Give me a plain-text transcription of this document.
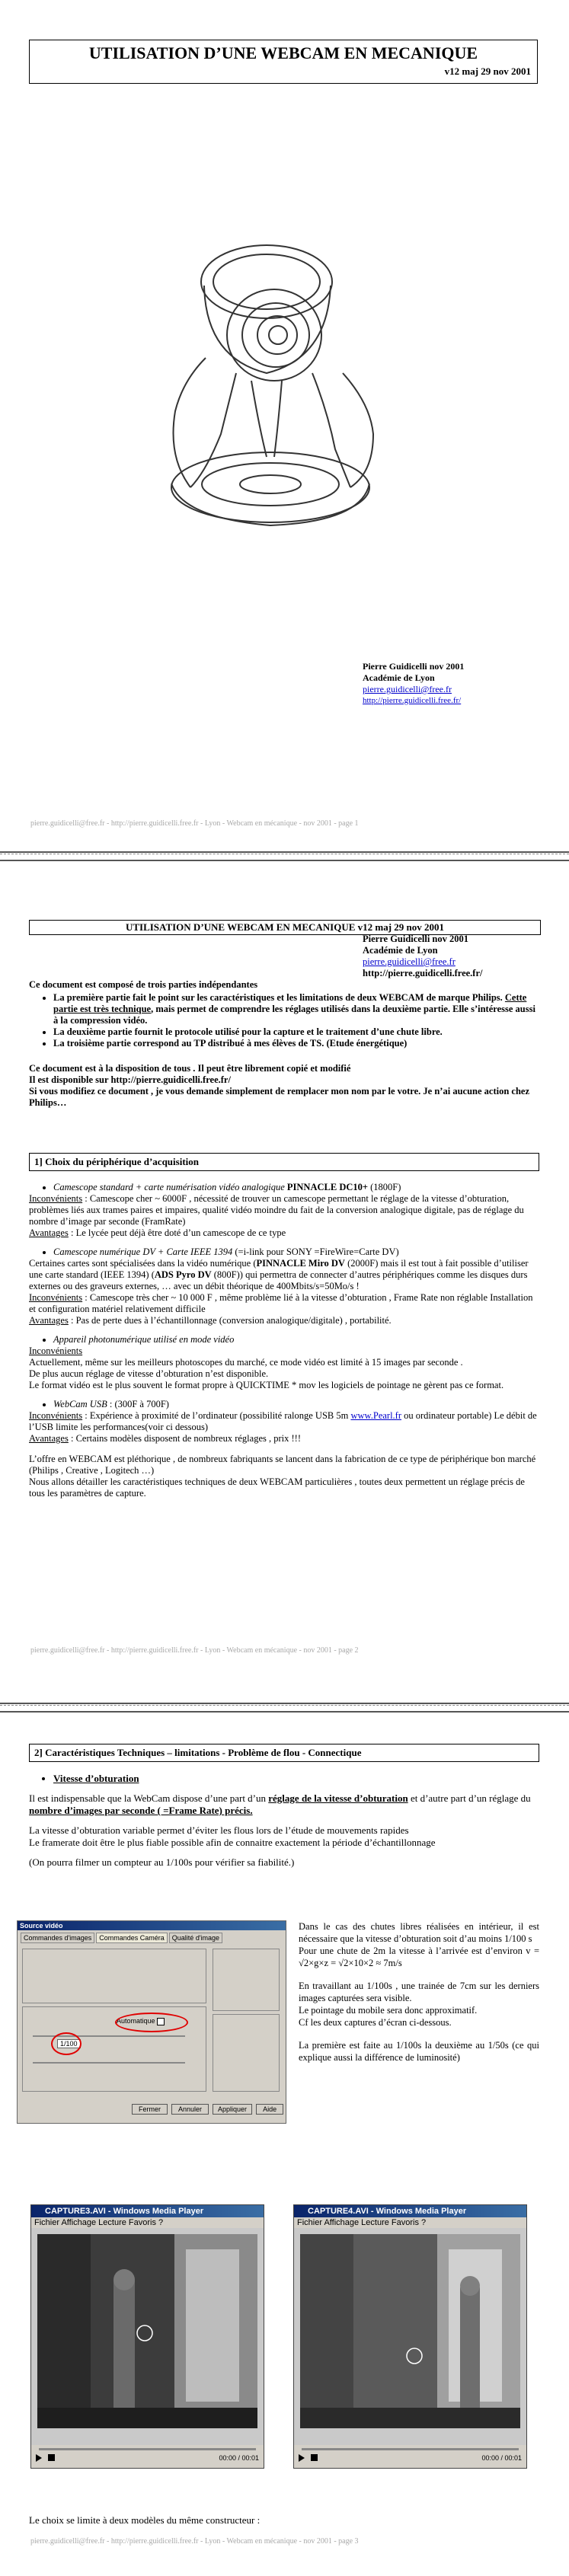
UTILISATION D’UNE WEBCAM EN MECANIQUE
v12 maj 29 nov 2001
Pierre Guidicelli nov 2001
Académie de Lyon
pierre.guidicelli@free.fr
http://pierre.guidicelli.free.fr/
pierre.guidicelli@free.fr - http://pierre.guidicelli.free.fr - Lyon - Webcam en mécanique - nov 2001 - page 1
UTILISATION D’UNE WEBCAM EN MECANIQUE v12 maj 29 nov 2001
Pierre Guidicelli nov 2001
Académie de Lyon
pierre.guidicelli@free.fr
http://pierre.guidicelli.free.fr/
Ce document est composé de trois parties indépendantes
• La première partie fait le point sur les caractéristiques et les limitations de deux WEBCAM de marque Philips. Cette partie est très technique, mais permet de comprendre les réglages utilisés dans la deuxième partie. Elle s’intéresse aussi à la compression vidéo.
• La deuxième partie fournit le protocole utilisé pour la capture et le traitement d’une chute libre.
• La troisième partie correspond au TP distribué à mes élèves de TS. (Etude énergétique)
Ce document est à la disposition de tous . Il peut être librement copié et modifié
Il est disponible sur http://pierre.guidicelli.free.fr/
Si vous modifiez ce document , je vous demande simplement de remplacer mon nom par le votre. Je n’ai aucune action chez Philips…
1] Choix du périphérique d’acquisition
• Camescope standard + carte numérisation vidéo analogique PINNACLE DC10+ (1800F)
Inconvénients : Camescope cher ~ 6000F , nécessité de trouver un camescope permettant le réglage de la vitesse d’obturation, problèmes liés aux trames paires et impaires, qualité vidéo moindre du fait de la conversion analogique digitale, pas de réglage du nombre d’image par seconde (FramRate)
Avantages : Le lycée peut déjà être doté d’un camescope de ce type
• Camescope numérique DV + Carte IEEE 1394 (=i-link pour SONY =FireWire=Carte DV)
Certaines cartes sont spécialisées dans la vidéo numérique (PINNACLE Miro DV (2000F) mais il est tout à fait possible d’utiliser une carte standard (IEEE 1394) (ADS Pyro DV (800F)) qui permettra de connecter d’autres périphériques comme les disques durs externes ou des graveurs externes, … avec un débit théorique de 400Mbits/s=50Mo/s !
Inconvénients : Camescope très cher ~ 10 000 F , même problème lié à la vitesse d’obturation , Frame Rate non réglable Installation et configuration matériel relativement difficile
Avantages : Pas de perte dues à l’échantillonnage (conversion analogique/digitale) , portabilité.
• Appareil photonumérique utilisé en mode vidéo
Inconvénients
Actuellement, même sur les meilleurs photoscopes du marché, ce mode vidéo est limité à 15 images par seconde .
De plus aucun réglage de vitesse d’obturation n’est disponible.
Le format vidéo est le plus souvent le format propre à QUICKTIME * mov les logiciels de pointage ne gèrent pas ce format.
• WebCam USB : (300F à 700F)
Inconvénients : Expérience à proximité de l’ordinateur (possibilité ralonge USB 5m www.Pearl.fr ou ordinateur portable) Le débit de l’USB limite les performances(voir ci dessous)
Avantages : Certains modèles disposent de nombreux réglages , prix !!!
L’offre en WEBCAM est pléthorique , de nombreux fabriquants se lancent dans la fabrication de ce type de périphérique bon marché (Philips , Creative , Logitech …)
Nous allons détailler les caractéristiques techniques de deux WEBCAM particulières , toutes deux permettent un réglage précis de tous les paramètres de capture.
pierre.guidicelli@free.fr - http://pierre.guidicelli.free.fr - Lyon - Webcam en mécanique - nov 2001 - page 2
2] Caractéristiques Techniques – limitations - Problème de flou - Connectique
• Vitesse d’obturation
Il est indispensable que la WebCam dispose d’une part d’un réglage de la vitesse d’obturation et d’autre part d’un réglage du nombre d’images par seconde ( =Frame Rate) précis.
La vitesse d’obturation variable permet d’éviter les flous lors de l’étude de mouvements rapides
Le framerate doit être le plus fiable possible afin de connaitre exactement la période d’échantillonnage
(On pourra filmer un compteur au 1/100s pour vérifier sa fiabilité.)
Source vidéo
Commandes d'images	Commandes Caméra	Qualité d'image
Automatique
1/100
Fermer	Annuler	Appliquer	Aide
Dans le cas des chutes libres réalisées en intérieur, il est nécessaire que la vitesse d’obturation soit d’au moins 1/100 s
Pour une chute de 2m la vitesse à l’arrivée est d’environ v = √2×g×z = √2×10×2 ≈ 7m/s
En travaillant au 1/100s , une trainée de 7cm sur les derniers images capturées sera visible.
Le pointage du mobile sera donc approximatif.
Cf les deux captures d’écran ci-dessous.
La première est faite au 1/100s la deuxième au 1/50s (ce qui explique aussi la différence de luminosité)
CAPTURE3.AVI - Windows Media Player
Fichier Affichage Lecture Favoris ?
00:00 / 00:01
CAPTURE4.AVI - Windows Media Player
Fichier Affichage Lecture Favoris ?
00:00 / 00:01
Le choix se limite à deux modèles du même constructeur :
pierre.guidicelli@free.fr - http://pierre.guidicelli.free.fr - Lyon - Webcam en mécanique - nov 2001 - page 3
